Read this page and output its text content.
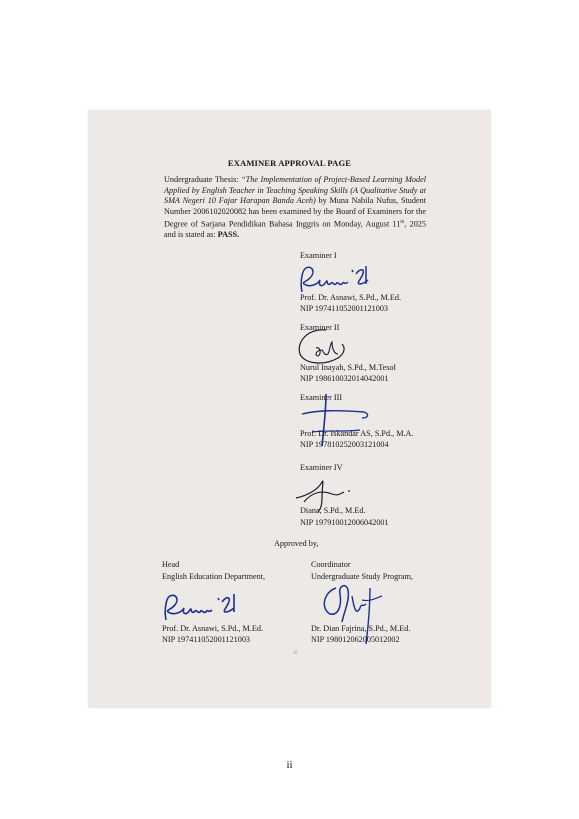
EXAMINER APPROVAL PAGE
Undergraduate Thesis: “The Implementation of Project-Based Learning Model Applied by English Teacher in Teaching Speaking Skills (A Qualitative Study at SMA Negeri 10 Fajar Harapan Banda Aceh) by Muna Nabila Nufus, Student Number 2006102020082 has been examined by the Board of Examiners for the Degree of Sarjana Pendidikan Bahasa Inggris on Monday, August 11th, 2025 and is stated as: PASS.
Examiner I
Prof. Dr. Asnawi, S.Pd., M.Ed.
NIP 197411052001121003
Examiner II
Nurul Inayah, S.Pd., M.Tesol
NIP 198610032014042001
Examiner III
Prof. Dr. Iskandar AS, S.Pd., M.A.
NIP 197810252003121004
Examiner IV
Diana, S.Pd., M.Ed.
NIP 197910012006042001
Approved by,
Head
English Education Department,
Prof. Dr. Asnawi, S.Pd., M.Ed.
NIP 197411052001121003
Coordinator
Undergraduate Study Program,
Dr. Dian Fajrina, S.Pd., M.Ed.
NIP 198012062005012002
ii
ii
